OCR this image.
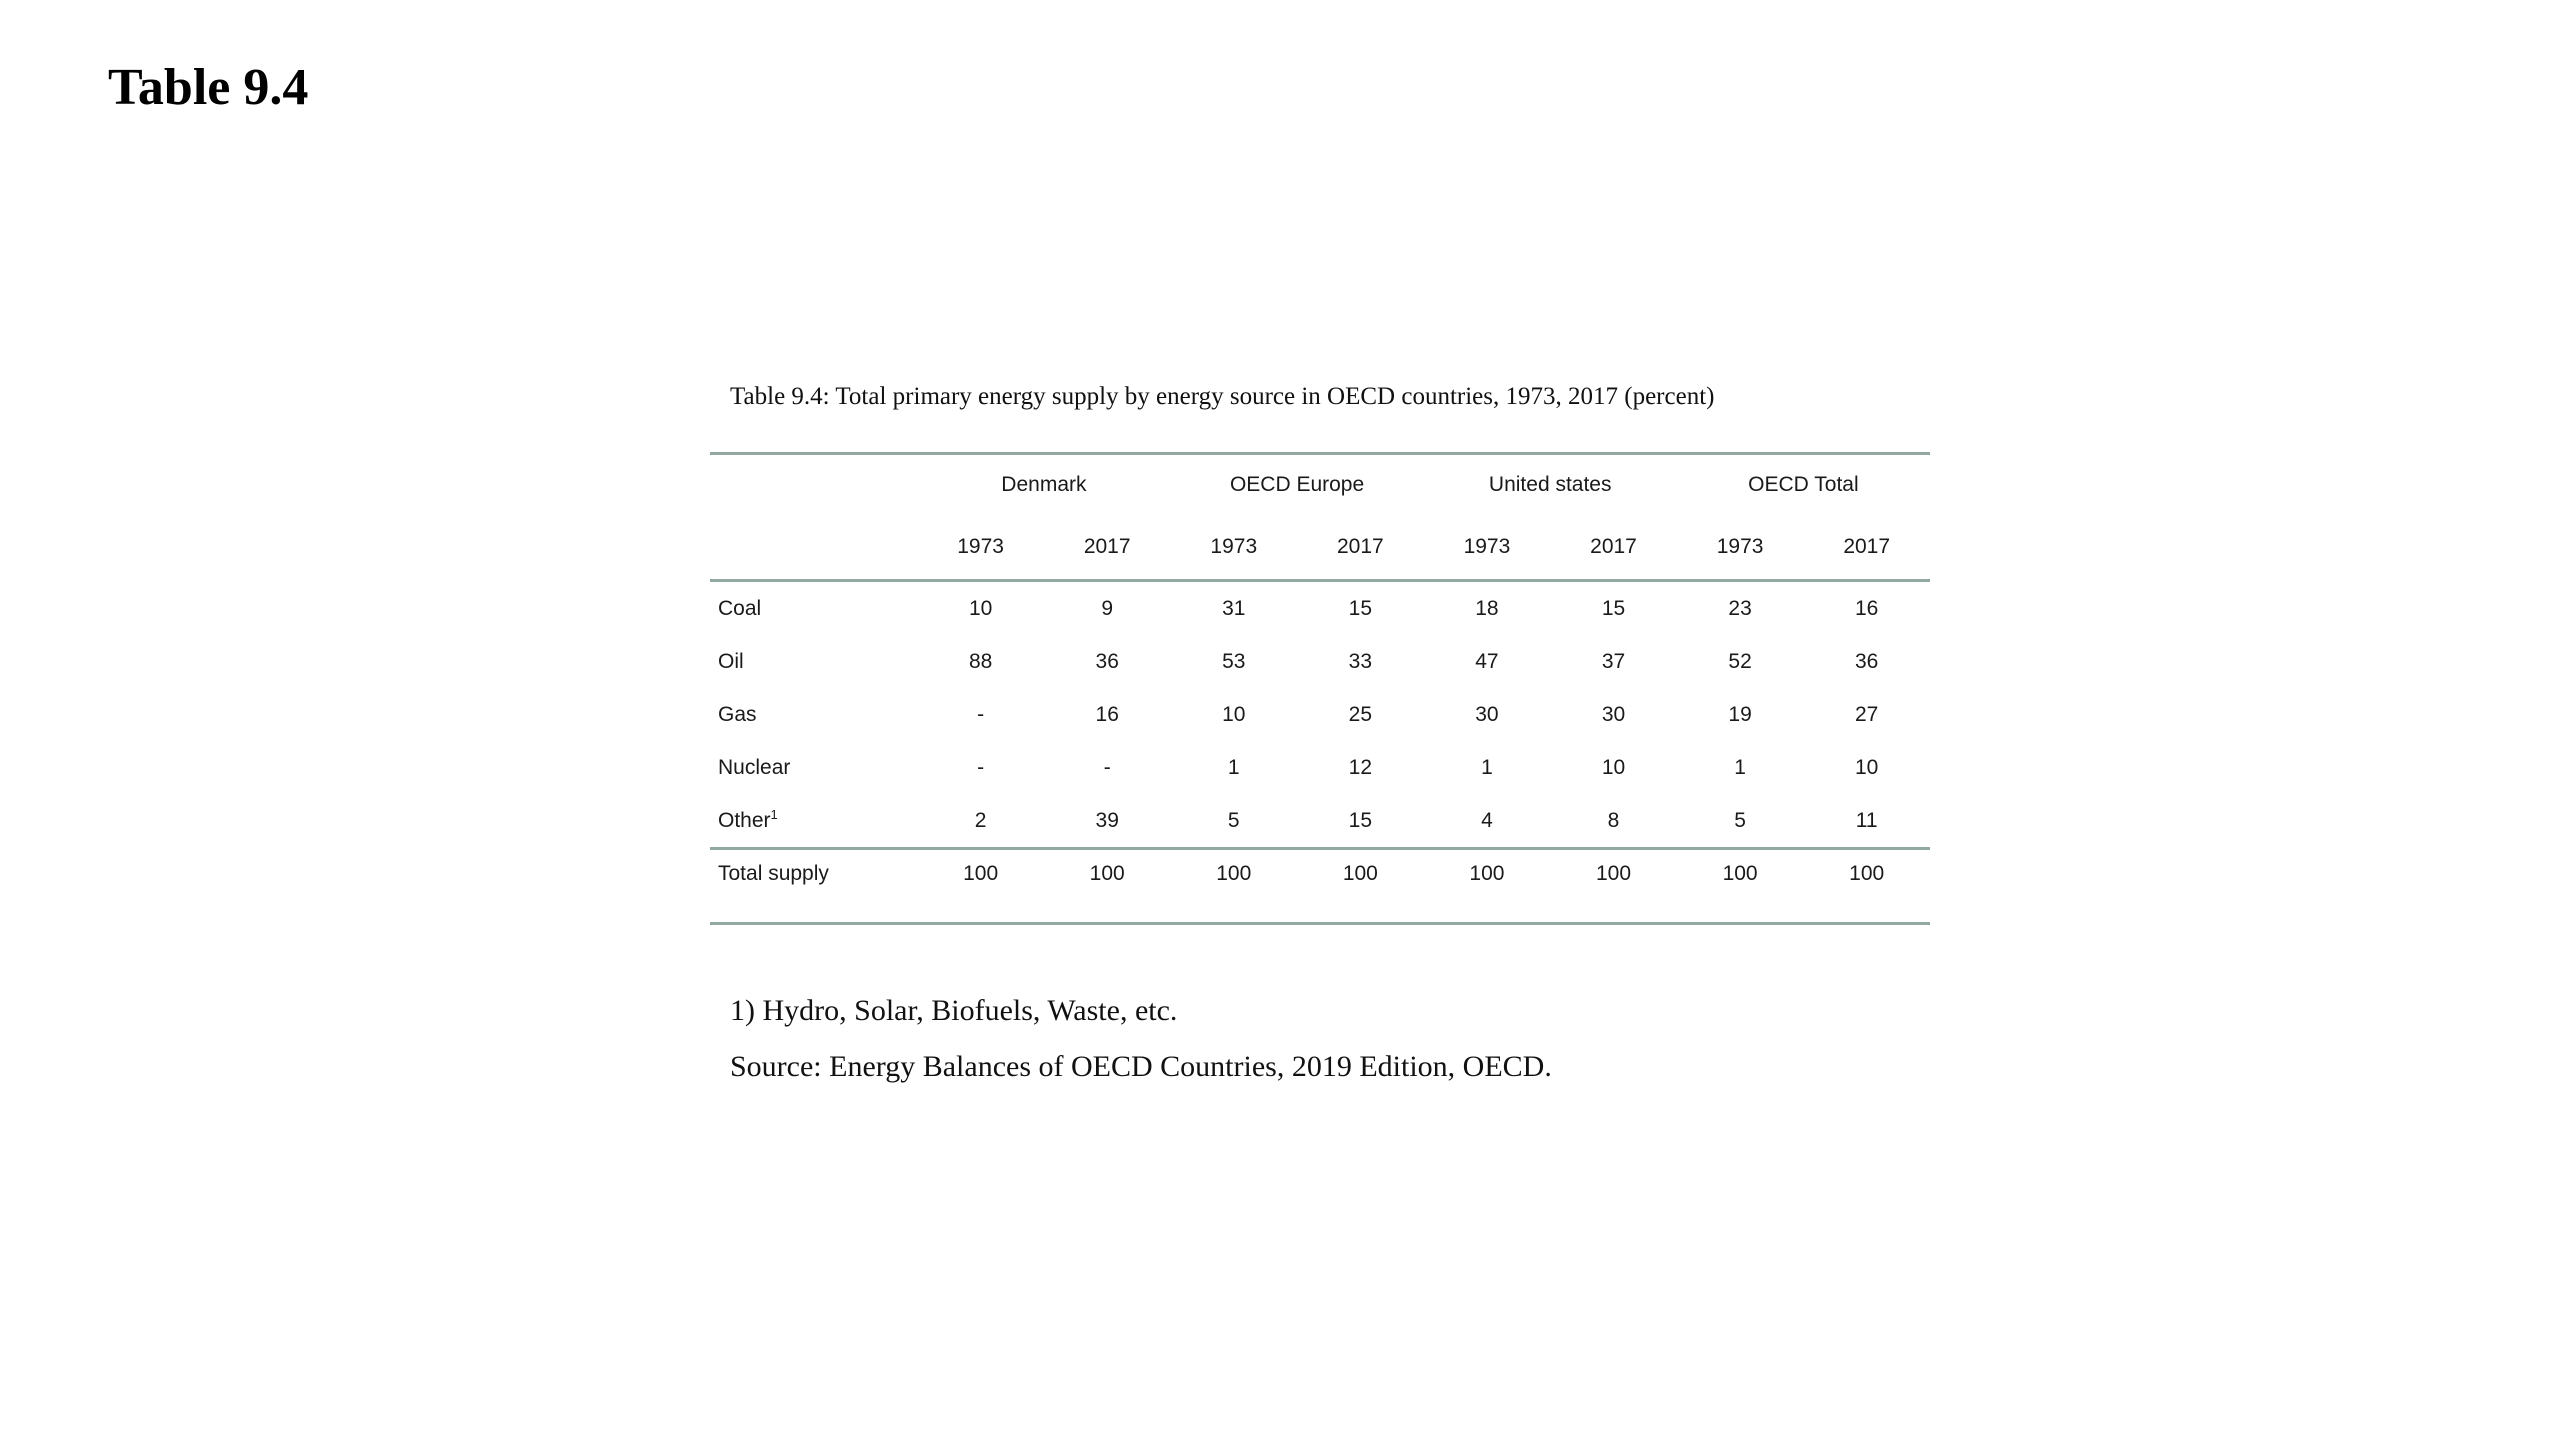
Table 9.4

Table 9.4: Total primary energy supply by energy source in OECD countries, 1973, 2017 (percent)

	Denmark		OECD Europe		United states		OECD Total	
	1973	2017	1973	2017	1973	2017	1973	2017
Coal	10	9	31	15	18	15	23	16
Oil	88	36	53	33	47	37	52	36
Gas	-	16	10	25	30	30	19	27
Nuclear	-	-	1	12	1	10	1	10
Other$^1$	2	39	5	15	4	8	5	11
Total supply	100	100	100	100	100	100	100	100

1) Hydro, Solar, Biofuels, Waste, etc.

Source: Energy Balances of OECD Countries, 2019 Edition, OECD.
